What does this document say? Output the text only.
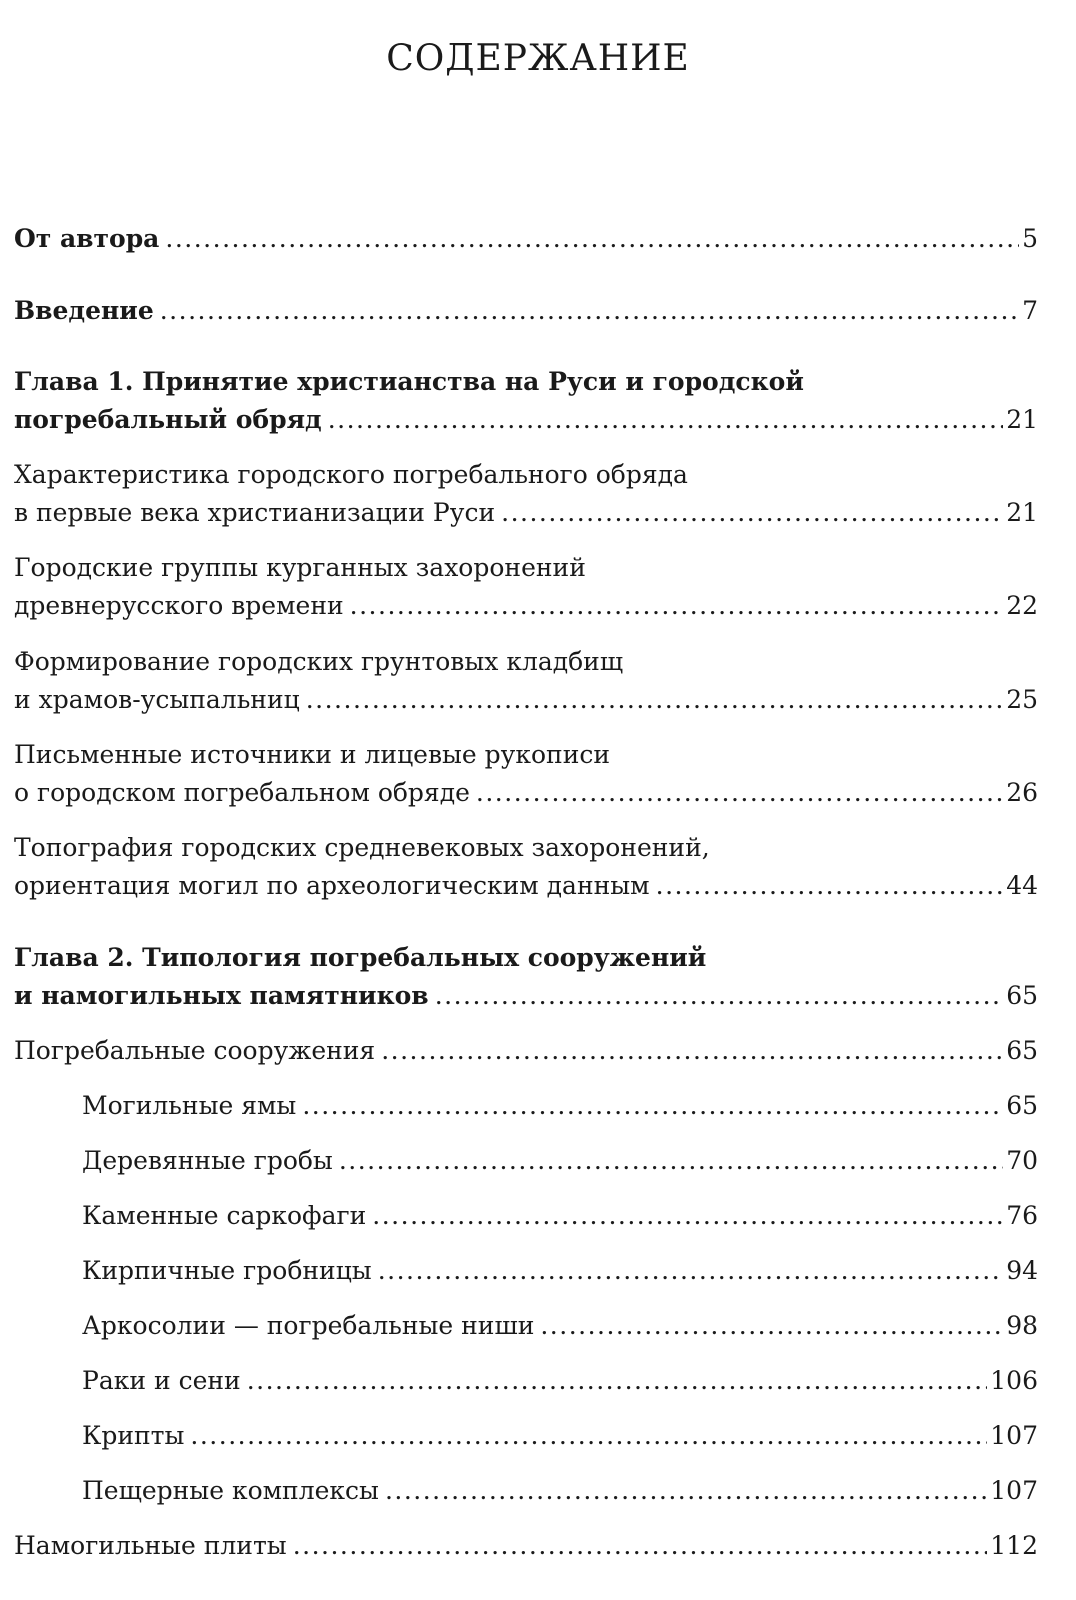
СОДЕРЖАНИЕ
От автора .....	5
Введение .....	7
Глава 1. Принятие христианства на Руси и городской
погребальный обряд .....	21
Характеристика городского погребального обряда
в первые века христианизации Руси .....	21
Городские группы курганных захоронений
древнерусского времени .....	22
Формирование городских грунтовых кладбищ
и храмов-усыпальниц .....	25
Письменные источники и лицевые рукописи
о городском погребальном обряде .....	26
Топография городских средневековых захоронений,
ориентация могил по археологическим данным .....	44
Глава 2. Типология погребальных сооружений
и намогильных памятников .....	65
Погребальные сооружения .....	65
Могильные ямы .....	65
Деревянные гробы .....	70
Каменные саркофаги .....	76
Кирпичные гробницы .....	94
Аркосолии — погребальные ниши .....	98
Раки и сени .....	106
Крипты .....	107
Пещерные комплексы .....	107
Намогильные плиты .....	112
